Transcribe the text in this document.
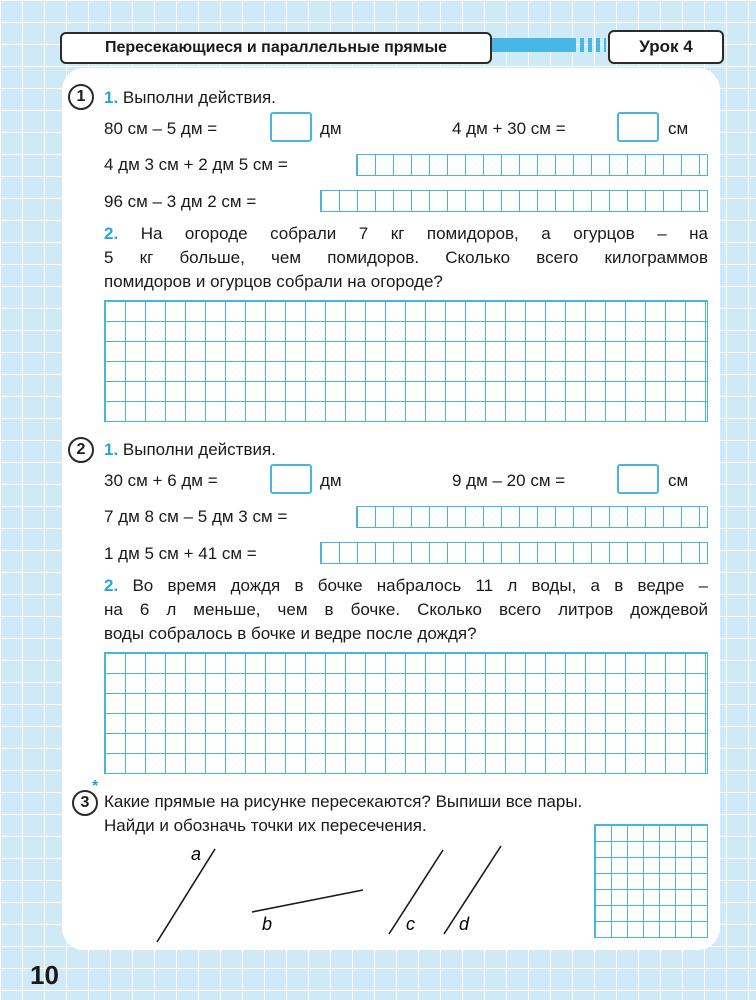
Пересекающиеся и параллельные прямые	Урок 4
1	1. Выполни действия.
80 см – 5 дм =	дм	4 дм + 30 см =	см
4 дм 3 см + 2 дм 5 см =
96 см – 3 дм 2 см =
2. На огороде собрали 7 кг помидоров, а огурцов – на
5 кг больше, чем помидоров. Сколько всего килограммов
помидоров и огурцов собрали на огороде?
2	1. Выполни действия.
30 см + 6 дм =	дм	9 дм – 20 см =	см
7 дм 8 см – 5 дм 3 см =
1 дм 5 см + 41 см =
2. Во время дождя в бочке набралось 11 л воды, а в ведре –
на 6 л меньше, чем в бочке. Сколько всего литров дождевой
воды собралось в бочке и ведре после дождя?
3
*
Какие прямые на рисунке пересекаются? Выпиши все пары.
Найди и обозначь точки их пересечения.
a
b	c d
10
